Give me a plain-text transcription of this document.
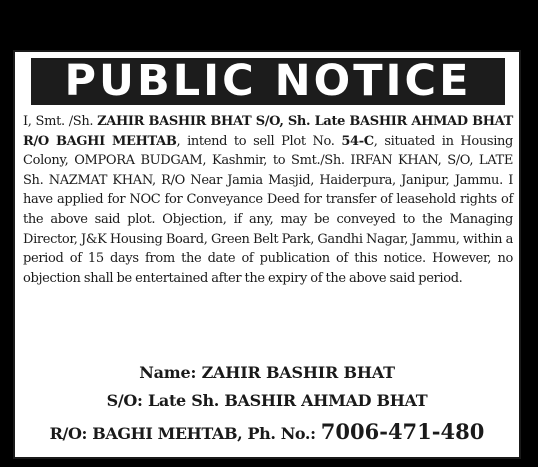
PUBLIC NOTICE

I, Smt. /Sh. ZAHIR BASHIR BHAT S/O, Sh. Late BASHIR AHMAD BHAT R/O BAGHI MEHTAB, intend to sell Plot No. 54-C, situated in Housing Colony, OMPORA BUDGAM, Kashmir, to Smt./Sh. IRFAN KHAN, S/O, LATE Sh. NAZMAT KHAN, R/O Near Jamia Masjid, Haiderpura, Janipur, Jammu. I have applied for NOC for Conveyance Deed for transfer of leasehold rights of the above said plot. Objection, if any, may be conveyed to the Managing Director, J&K Housing Board, Green Belt Park, Gandhi Nagar, Jammu, within a period of 15 days from the date of publication of this notice. However, no objection shall be entertained after the expiry of the above said period.

Name: ZAHIR BASHIR BHAT

S/O: Late Sh. BASHIR AHMAD BHAT

R/O: BAGHI MEHTAB, Ph. No.: 7006-471-480
